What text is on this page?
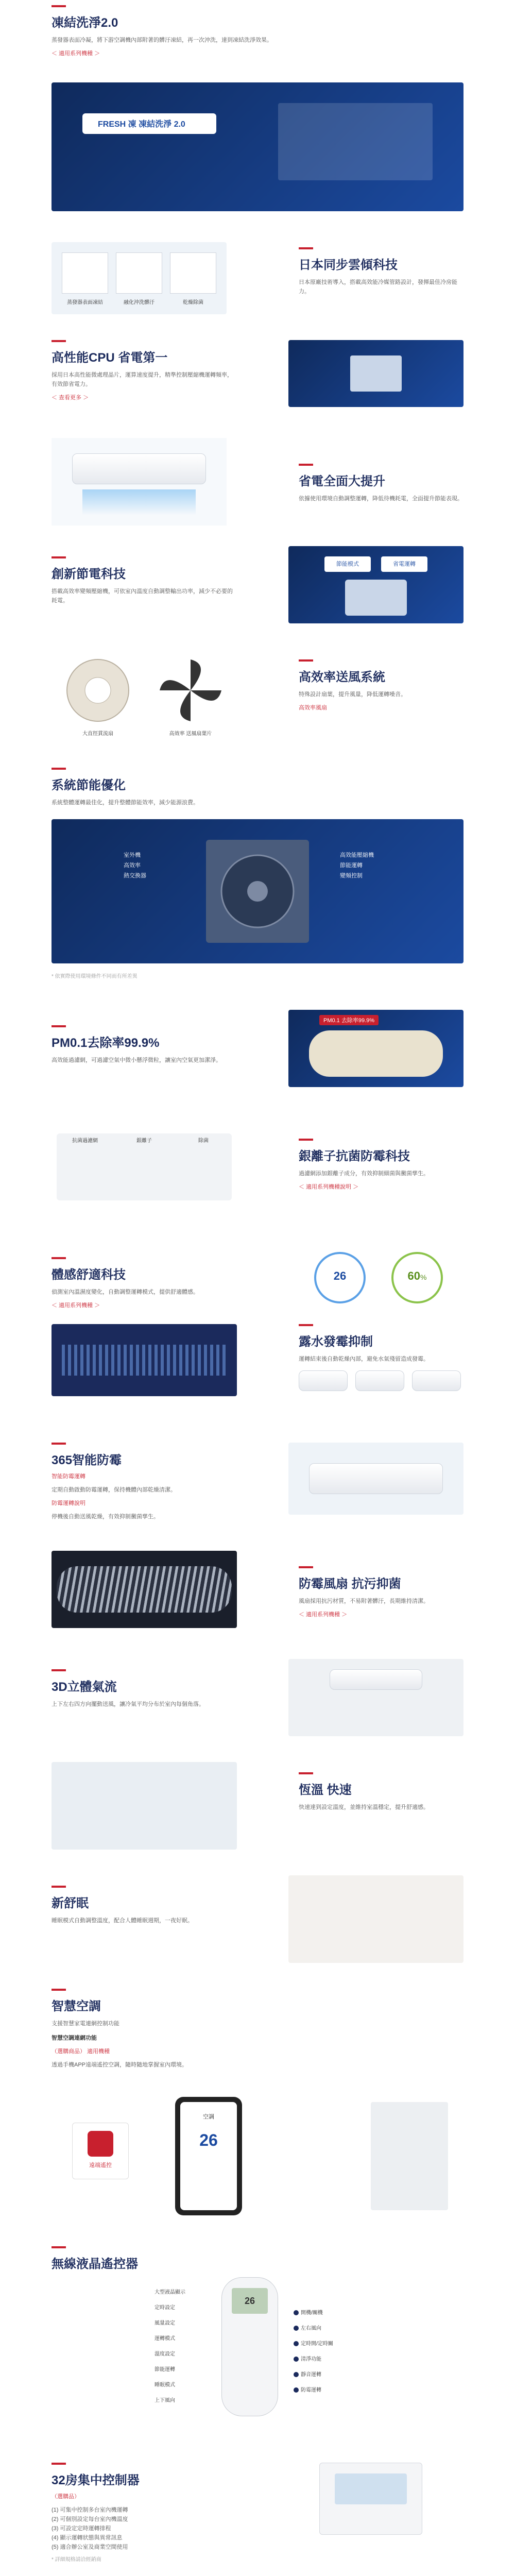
凍結洗淨2.0
蒸發器表面冷凝，將下游空調機內部附著的髒汙凍結，再一次沖洗，達到凍結洗淨效果。
＜ 適用系列機種 ＞
FRESH 凍 凍結洗淨 2.0
蒸發器表面凍結	融化沖洗髒汙	乾燥除菌
日本同步雲傾科技
日本原廠技術導入，搭載高效能冷媒管路設計，發揮最佳冷房能力。
高性能CPU 省電第一
採用日本高性能微處理晶片，運算速度提升，精準控制壓縮機運轉頻率，有效節省電力。
＜ 查看更多 ＞
省電全面大提升
依據使用環境自動調整運轉，降低待機耗電，全面提升節能表現。
創新節電科技
搭載高效率變頻壓縮機，可依室內溫度自動調整輸出功率，減少不必要的耗電。
節能模式	省電運轉
大直徑貫流扇	高效率 送風扇葉片
高效率送風系統
特殊設計扇葉，提升風量，降低運轉噪音。
高效率風扇
系統節能優化
系統整體運轉最佳化，提升整體節能效率，減少能源浪費。
室外機
高效率
熱交換器
高效能壓縮機
節能運轉
變頻控制
* 依實際使用環境條件不同而有所差異
PM0.1去除率99.9%
高效能過濾網，可過濾空氣中微小懸浮微粒，讓室內空氣更加潔淨。
PM0.1 去除率99.9%
抗菌過濾網	銀離子	除菌
銀離子抗菌防霉科技
過濾網添加銀離子成分，有效抑制細菌與黴菌孳生。
＜ 適用系列機種說明 ＞
體感舒適科技
偵測室內溫濕度變化，自動調整運轉模式，提供舒適體感。
＜ 適用系列機種 ＞
26	60%
露水發霉抑制
運轉結束後自動乾燥內部，避免水氣殘留造成發霉。
365智能防霉
智能防霉運轉
定期自動啟動防霉運轉，保持機體內部乾燥清潔。
防霉運轉說明
停機後自動送風乾燥，有效抑制黴菌孳生。
防霉風扇 抗污抑菌
風扇採用抗污材質，不易附著髒汙，長期維持清潔。
＜ 適用系列機種 ＞
3D立體氣流
上下左右四方向擺動送風，讓冷氣平均分布於室內每個角落。
恆溫 快速
快速達到設定溫度，並維持室溫穩定，提升舒適感。
新舒眠
睡眠模式自動調整溫度，配合人體睡眠週期，一夜好眠。
智慧空調
支援智慧家電連網控制功能
智慧空調連網功能
（選購商品） 適用機種
透過手機APP遠端遙控空調，隨時隨地掌握室內環境。
遠端遙控
空調
26
無線液晶遙控器
26
大型液晶顯示
定時設定
風量設定
運轉模式
溫度設定
節能運轉
睡眠模式
上下風向
開機/關機
左右風向
定時開/定時關
清淨功能
靜音運轉
防霉運轉
32房集中控制器
（選購品）
(1) 可集中控制多台室內機運轉
(2) 可個別設定每台室內機溫度
(3) 可設定定時運轉排程
(4) 顯示運轉狀態與異常訊息
(5) 適合辦公室及商業空間使用
* 詳細規格請洽經銷商
